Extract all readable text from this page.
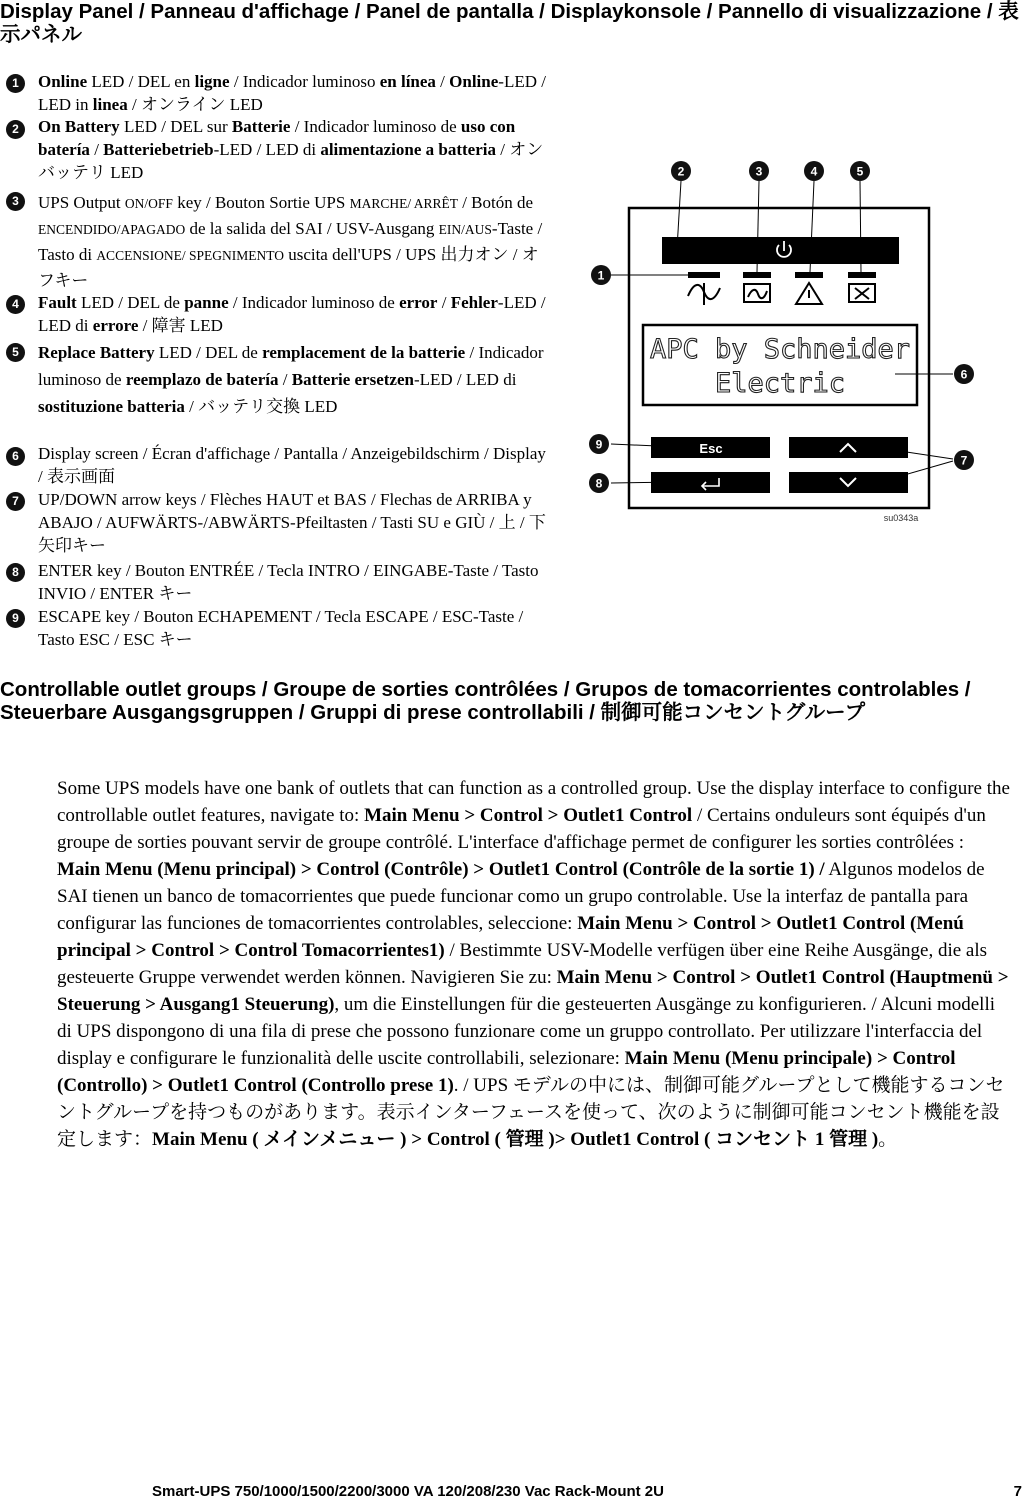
Display Panel / Panneau d'affichage / Panel de pantalla / Displaykonsole / Pannello di visualizzazione / 表示パネル
1	Online LED / DEL en ligne / Indicador luminoso en línea / Online-LED / LED in linea / オンライン LED
2	On Battery LED / DEL sur Batterie / Indicador luminoso de uso con batería / Batteriebetrieb-LED / LED di alimentazione a batteria / オンバッテリ LED
3	UPS Output ON/OFF key / Bouton Sortie UPS MARCHE/ ARRÊT / Botón de ENCENDIDO/APAGADO de la salida del SAI / USV-Ausgang EIN/AUS-Taste / Tasto di ACCENSIONE/ SPEGNIMENTO uscita dell'UPS / UPS 出力オン / オフキー
4	Fault LED / DEL de panne / Indicador luminoso de error / Fehler-LED / LED di errore / 障害 LED
5	Replace Battery LED / DEL de remplacement de la batterie / Indicador luminoso de reemplazo de batería / Batterie ersetzen-LED / LED di sostituzione batteria / バッテリ交換 LED
6	Display screen / Écran d'affichage / Pantalla / Anzeigebildschirm / Display / 表示画面
7	UP/DOWN arrow keys / Flèches HAUT et BAS / Flechas de ARRIBA y ABAJO / AUFWÄRTS-/ABWÄRTS-Pfeiltasten / Tasti SU e GIÙ / 上 / 下矢印キー
8	ENTER key / Bouton ENTRÉE / Tecla INTRO / EINGABE-Taste / Tasto INVIO / ENTER キー
9	ESCAPE key / Bouton ECHAPEMENT / Tecla ESCAPE / ESC-Taste / Tasto ESC / ESC キー
APC by Schneider
Electric
Esc
1
2	3	4	5
6
7
8
9
su0343a
Controllable outlet groups / Groupe de sorties contrôlées / Grupos de tomacorrientes controlables / Steuerbare Ausgangsgruppen / Gruppi di prese controllabili / 制御可能コンセントグループ
Some UPS models have one bank of outlets that can function as a controlled group. Use the display interface to configure the controllable outlet features, navigate to: Main Menu > Control > Outlet1 Control / Certains onduleurs sont équipés d'un groupe de sorties pouvant servir de groupe contrôlé. L'interface d'affichage permet de configurer les sorties contrôlées : Main Menu (Menu principal) > Control (Contrôle) > Outlet1 Control (Contrôle de la sortie 1) / Algunos modelos de SAI tienen un banco de tomacorrientes que puede funcionar como un grupo controlable. Use la interfaz de pantalla para configurar las funciones de tomacorrientes controlables, seleccione: Main Menu > Control > Outlet1 Control (Menú principal > Control > Control Tomacorrientes1) / Bestimmte USV-Modelle verfügen über eine Reihe Ausgänge, die als gesteuerte Gruppe verwendet werden können. Navigieren Sie zu: Main Menu > Control > Outlet1 Control (Hauptmenü > Steuerung > Ausgang1 Steuerung), um die Einstellungen für die gesteuerten Ausgänge zu konfigurieren. / Alcuni modelli di UPS dispongono di una fila di prese che possono funzionare come un gruppo controllato. Per utilizzare l'interfaccia del display e configurare le funzionalità delle uscite controllabili, selezionare: Main Menu (Menu principale) > Control (Controllo) > Outlet1 Control (Controllo prese 1). / UPS モデルの中には、制御可能グループとして機能するコンセントグループを持つものがあります。表示インターフェースを使って、次のように制御可能コンセント機能を設定します：Main Menu ( メインメニュー ) > Control ( 管理 )> Outlet1 Control ( コンセント 1 管理 )。
Smart-UPS 750/1000/1500/2200/3000 VA 120/208/230 Vac Rack-Mount 2U	7
